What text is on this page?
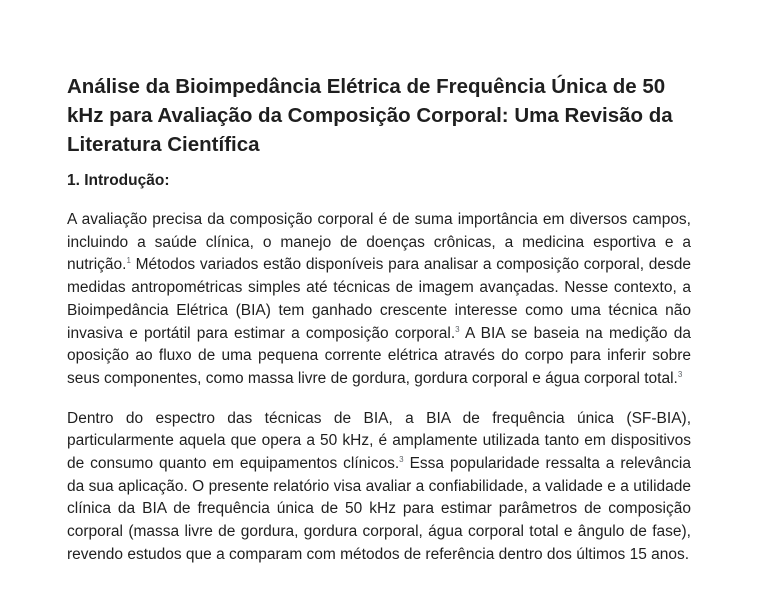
Análise da Bioimpedância Elétrica de Frequência Única de 50 kHz para Avaliação da Composição Corporal: Uma Revisão da Literatura Científica
1. Introdução:

A avaliação precisa da composição corporal é de suma importância em diversos campos, incluindo a saúde clínica, o manejo de doenças crônicas, a medicina esportiva e a nutrição.$^1$ Métodos variados estão disponíveis para analisar a composição corporal, desde medidas antropométricas simples até técnicas de imagem avançadas. Nesse contexto, a Bioimpedância Elétrica (BIA) tem ganhado crescente interesse como uma técnica não invasiva e portátil para estimar a composição corporal.$^3$ A BIA se baseia na medição da oposição ao fluxo de uma pequena corrente elétrica através do corpo para inferir sobre seus componentes, como massa livre de gordura, gordura corporal e água corporal total.$^3$

Dentro do espectro das técnicas de BIA, a BIA de frequência única (SF-BIA), particularmente aquela que opera a 50 kHz, é amplamente utilizada tanto em dispositivos de consumo quanto em equipamentos clínicos.$^3$ Essa popularidade ressalta a relevância da sua aplicação. O presente relatório visa avaliar a confiabilidade, a validade e a utilidade clínica da BIA de frequência única de 50 kHz para estimar parâmetros de composição corporal (massa livre de gordura, gordura corporal, água corporal total e ângulo de fase), revendo estudos que a comparam com métodos de referência dentro dos últimos 15 anos.
